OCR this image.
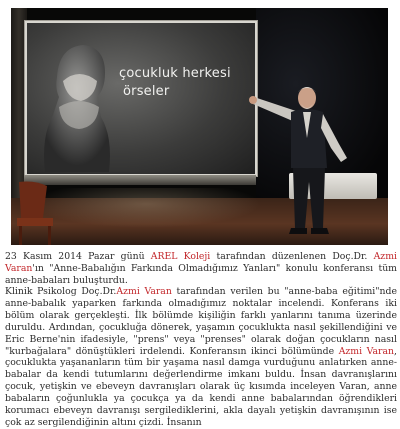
çocukluk herkesi
örseler

23 Kasım 2014 Pazar günü AREL Koleji tarafından düzenlenen Doç.Dr. Azmi Varan'ın "Anne-Babalığın Farkında Olmadığımız Yanları" konulu konferansı tüm anne-babaları buluşturdu.

Klinik Psikolog Doç.Dr.Azmi Varan tarafından verilen bu "anne-baba eğitimi"nde anne-babalık yaparken farkında olmadığımız noktalar incelendi. Konferans iki bölüm olarak gerçekleşti. İlk bölümde kişiliğin farklı yanlarını tanıma üzerinde duruldu. Ardından, çocukluğa dönerek, yaşamın çocuklukta nasıl şekillendiğini ve Eric Berne'nin ifadesiyle, "prens" veya "prenses" olarak doğan çocukların nasıl "kurbağalara" dönüştükleri irdelendi. Konferansın ikinci bölümünde Azmi Varan, çocuklukta yaşananların tüm bir yaşama nasıl damga vurduğunu anlatırken anne-babalar da kendi tutumlarını değerlendirme imkanı buldu. İnsan davranışlarını çocuk, yetişkin ve ebeveyn davranışları olarak üç kısımda inceleyen Varan, anne babaların çoğunlukla ya çocukça ya da kendi anne babalarından öğrendikleri korumacı ebeveyn davranışı sergilediklerini, akla dayalı yetişkin davranışının ise çok az sergilendiğinin altını çizdi. İnsanın
